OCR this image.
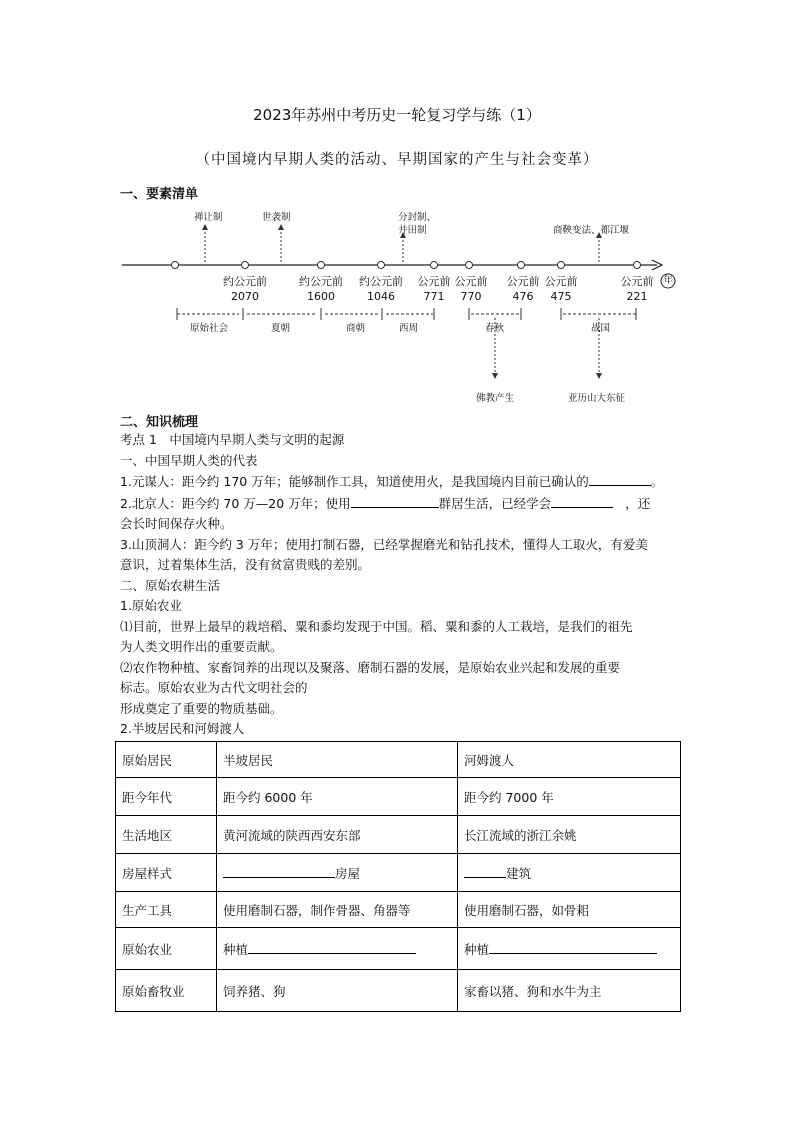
2023年苏州中考历史一轮复习学与练（1）
（中国境内早期人类的活动、早期国家的产生与社会变革）
一、要素清单
禅让制	世袭制	分封制、
井田制	商鞅变法、都江堰
约公元前
2070
约公元前
1600
约公元前
1046
公元前
771
公元前
770
公元前
476
公元前
475
公元前
221
年
原始社会	夏朝	商朝	西周	春秋	战国
佛教产生	亚历山大东征
二、知识梳理
考点 1　中国境内早期人类与文明的起源
一、中国早期人类的代表
1.元谋人：距今约 170 万年；能够制作工具，知道使用火，是我国境内目前已确认的	。
2.北京人：距今约 70 万—20 万年；使用	群居生活，已经学会	，还
会长时间保存火种。
3.山顶洞人：距今约 3 万年；使用打制石器，已经掌握磨光和钻孔技术，懂得人工取火，有爱美
意识，过着集体生活，没有贫富贵贱的差别。
二、原始农耕生活
1.原始农业
⑴目前，世界上最早的栽培稻、粟和黍均发现于中国。稻、粟和黍的人工栽培，是我们的祖先
为人类文明作出的重要贡献。
⑵农作物种植、家畜饲养的出现以及聚落、磨制石器的发展，是原始农业兴起和发展的重要
标志。原始农业为古代文明社会的
形成奠定了重要的物质基础。
2.半坡居民和河姆渡人
原始居民	半坡居民	河姆渡人
距今年代	距今约 6000 年	距今约 7000 年
生活地区	黄河流域的陕西西安东部	长江流域的浙江余姚
房屋样式	房屋	建筑
生产工具	使用磨制石器，制作骨器、角器等	使用磨制石器，如骨耜
原始农业	种植	种植
原始畜牧业	饲养猪、狗	家畜以猪、狗和水牛为主
